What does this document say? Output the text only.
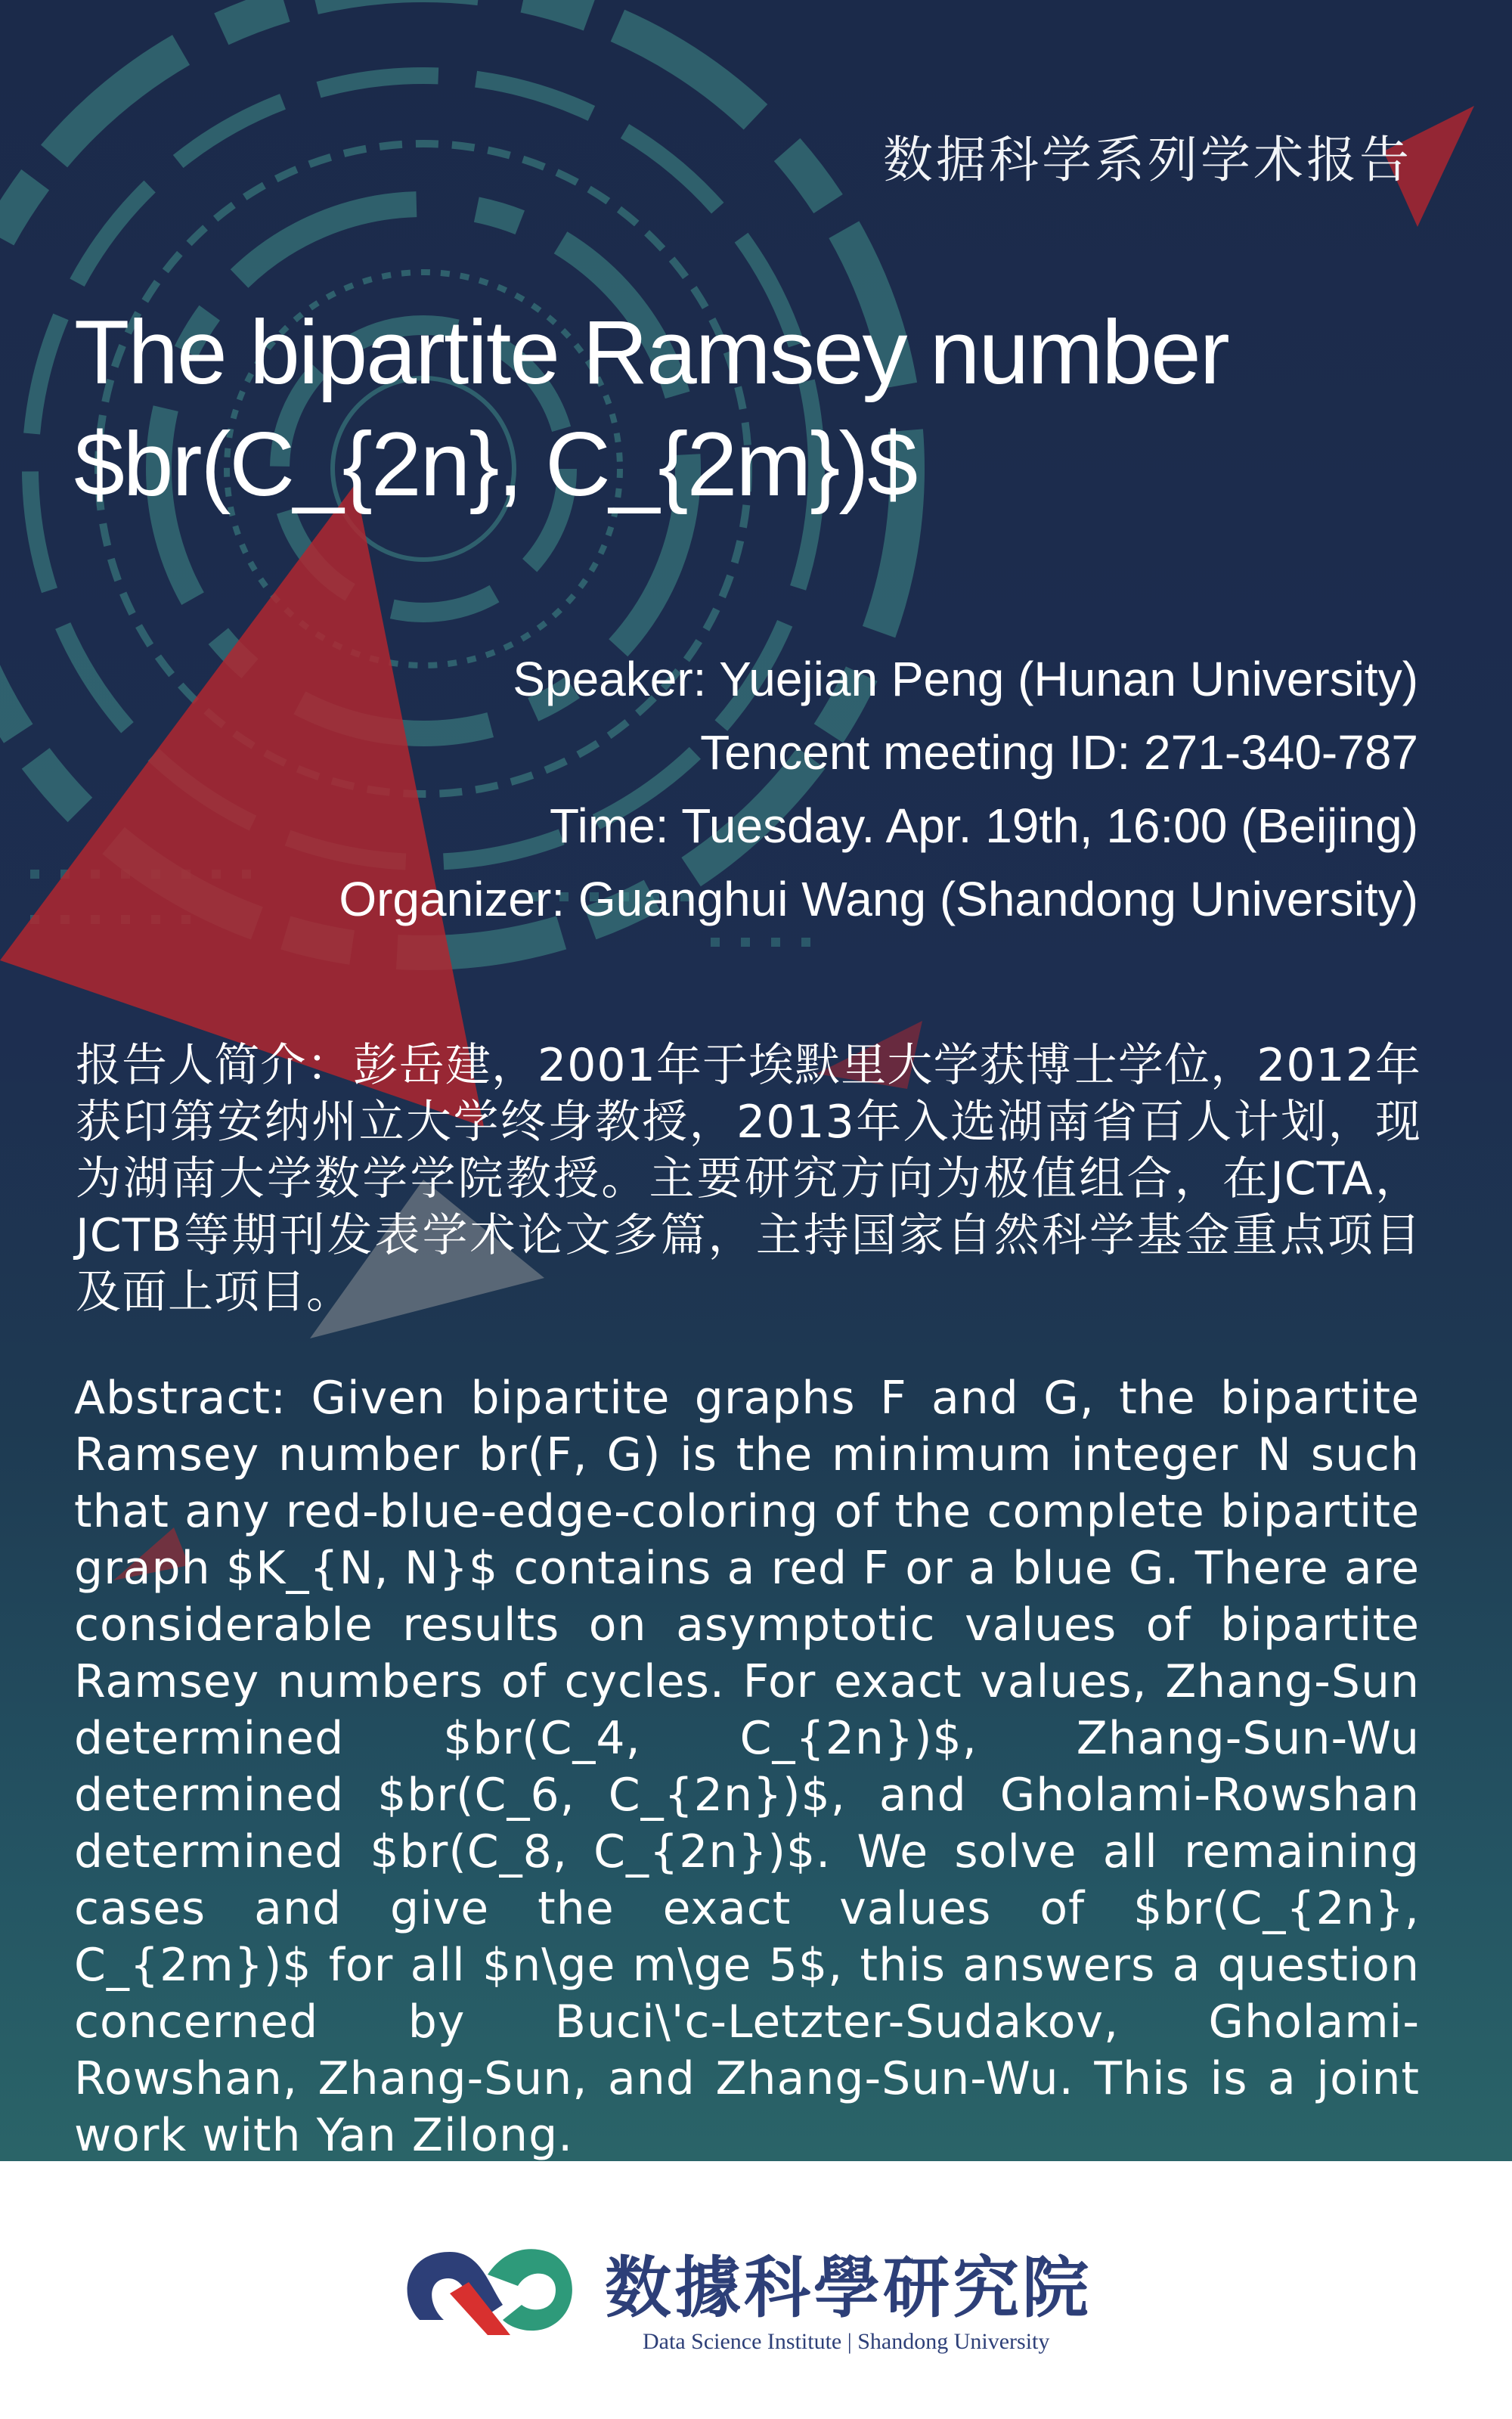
数据科学系列学术报告
The bipartite Ramsey number
$br(C_{2n}, C_{2m})$
Speaker: Yuejian Peng (Hunan University)
Tencent meeting ID: 271-340-787
Time: Tuesday. Apr. 19th, 16:00 (Beijing)
Organizer: Guanghui Wang (Shandong University)
报告人简介：彭岳建，2001年于埃默里大学获博士学位，2012年获印第安纳州立大学终身教授，2013年入选湖南省百人计划，现为湖南大学数学学院教授。主要研究方向为极值组合，在JCTA，JCTB等期刊发表学术论文多篇，主持国家自然科学基金重点项目及面上项目。
Abstract: Given bipartite graphs F and G, the bipartite Ramsey number br(F, G) is the minimum integer N such that any red-blue-edge-coloring of the complete bipartite graph $K_{N, N}$ contains a red F or a blue G. There are considerable results on asymptotic values of bipartite Ramsey numbers of cycles. For exact values, Zhang-Sun determined $br(C_4, C_{2n})$, Zhang-Sun-Wu determined $br(C_6, C_{2n})$, and Gholami-Rowshan determined $br(C_8, C_{2n})$. We solve all remaining cases and give the exact values of $br(C_{2n}, C_{2m})$ for all $n\ge m\ge 5$, this answers a question concerned by Buci\'c-Letzter-Sudakov, Gholami-Rowshan, Zhang-Sun, and Zhang-Sun-Wu. This is a joint work with Yan Zilong.
数據科學研究院
Data Science Institute | Shandong University
